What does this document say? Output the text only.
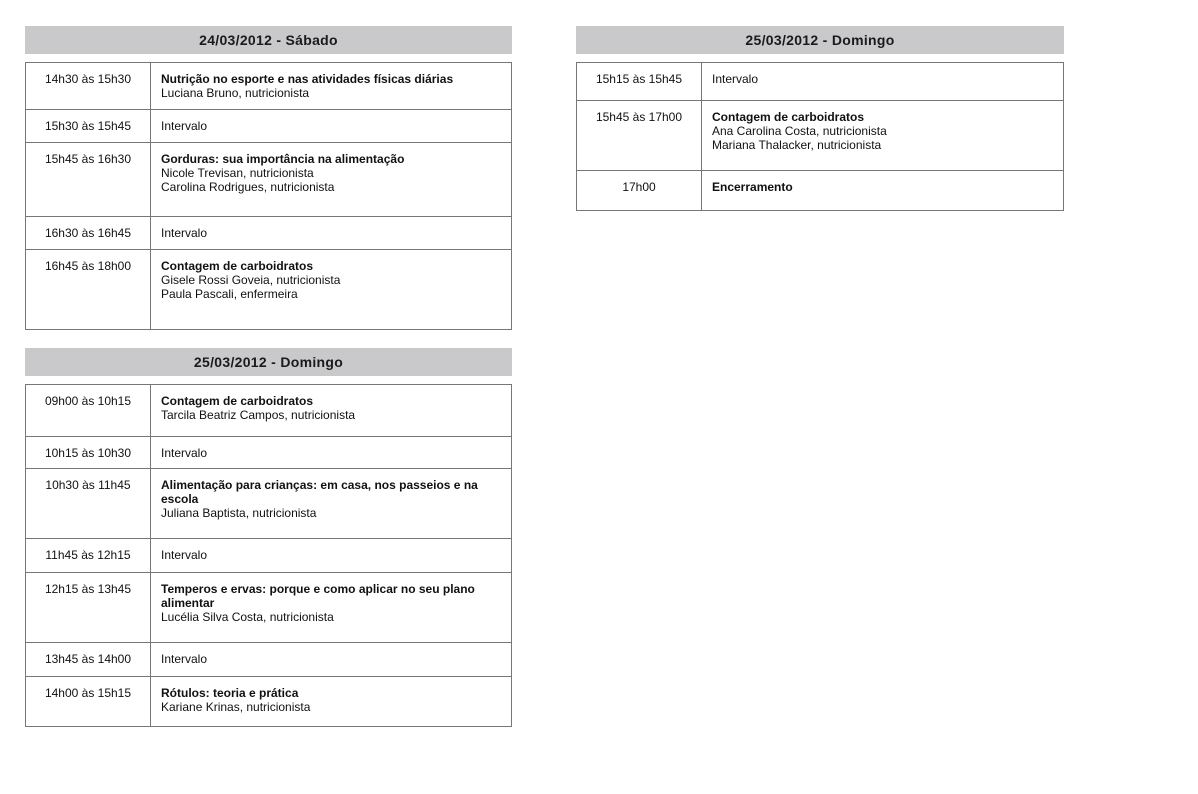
24/03/2012 - Sábado
14h30 às 15h30	Nutrição no esporte e nas atividades físicas diárias
Luciana Bruno, nutricionista

15h30 às 15h45	Intervalo

15h45 às 16h30	Gorduras: sua importância na alimentação
Nicole Trevisan, nutricionista
Carolina Rodrigues, nutricionista

16h30 às 16h45	Intervalo

16h45 às 18h00	Contagem de carboidratos
Gisele Rossi Goveia, nutricionista
Paula Pascali, enfermeira
25/03/2012 - Domingo
09h00 às 10h15	Contagem de carboidratos
Tarcila Beatriz Campos, nutricionista

10h15 às 10h30	Intervalo

10h30 às 11h45	Alimentação para crianças: em casa, nos passeios e na escola
Juliana Baptista, nutricionista

11h45 às 12h15	Intervalo

12h15 às 13h45	Temperos e ervas: porque e como aplicar no seu plano alimentar
Lucélia Silva Costa, nutricionista

13h45 às 14h00	Intervalo

14h00 às 15h15	Rótulos: teoria e prática
Kariane Krinas, nutricionista
25/03/2012 - Domingo
15h15 às 15h45	Intervalo

15h45 às 17h00	Contagem de carboidratos
Ana Carolina Costa, nutricionista
Mariana Thalacker, nutricionista

17h00	Encerramento
